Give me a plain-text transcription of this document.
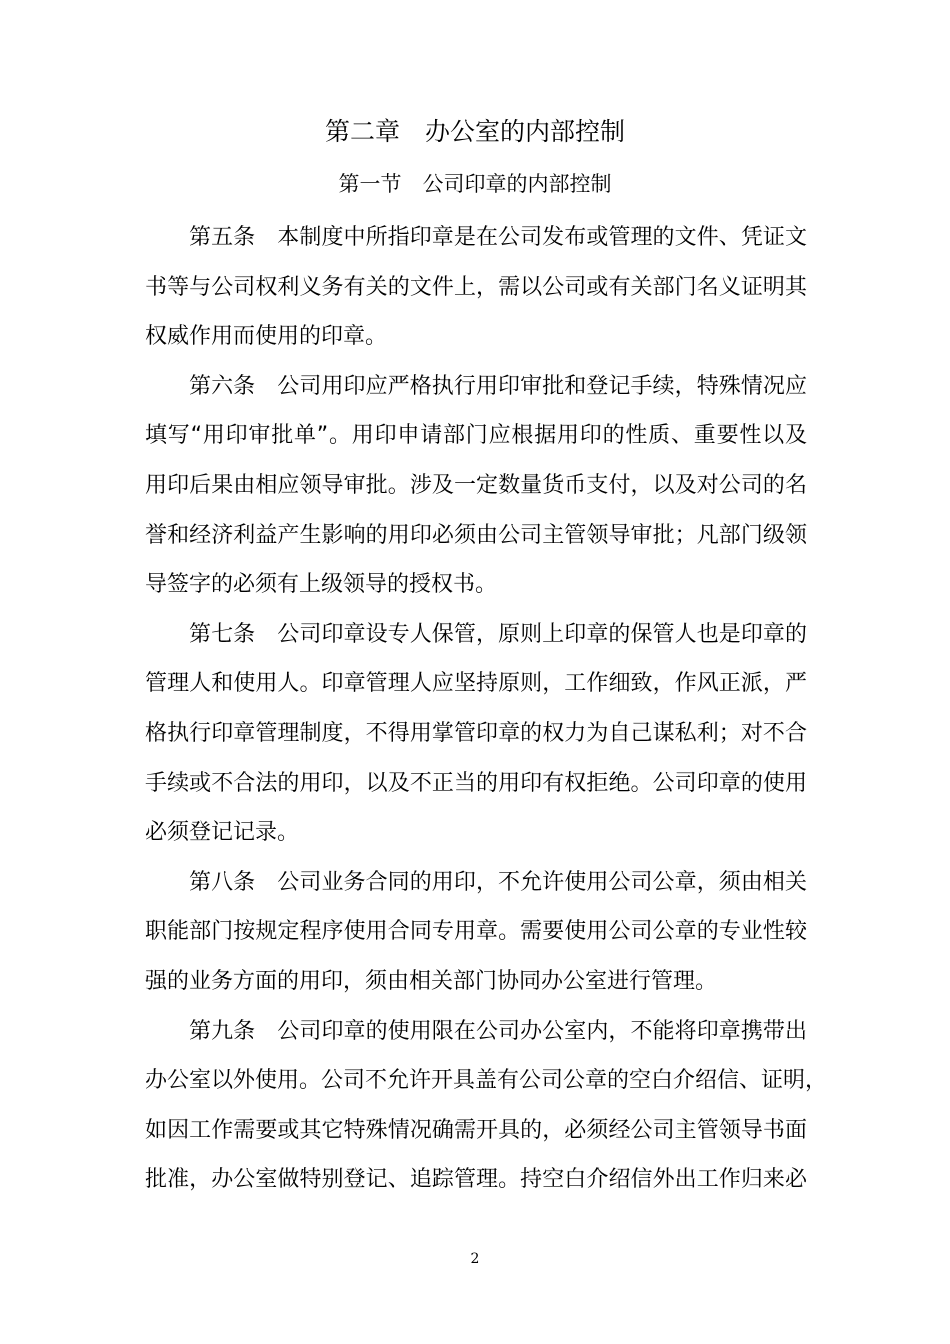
第二章　办公室的内部控制
第一节　公司印章的内部控制
第五条　本制度中所指印章是在公司发布或管理的文件、凭证文
书等与公司权利义务有关的文件上，需以公司或有关部门名义证明其
权威作用而使用的印章。
第六条　公司用印应严格执行用印审批和登记手续，特殊情况应
填写“用印审批单”。用印申请部门应根据用印的性质、重要性以及
用印后果由相应领导审批。涉及一定数量货币支付，以及对公司的名
誉和经济利益产生影响的用印必须由公司主管领导审批；凡部门级领
导签字的必须有上级领导的授权书。
第七条　公司印章设专人保管，原则上印章的保管人也是印章的
管理人和使用人。印章管理人应坚持原则，工作细致，作风正派，严
格执行印章管理制度，不得用掌管印章的权力为自己谋私利；对不合
手续或不合法的用印，以及不正当的用印有权拒绝。公司印章的使用
必须登记记录。
第八条　公司业务合同的用印，不允许使用公司公章，须由相关
职能部门按规定程序使用合同专用章。需要使用公司公章的专业性较
强的业务方面的用印，须由相关部门协同办公室进行管理。
第九条　公司印章的使用限在公司办公室内，不能将印章携带出
办公室以外使用。公司不允许开具盖有公司公章的空白介绍信、证明，
如因工作需要或其它特殊情况确需开具的，必须经公司主管领导书面
批准，办公室做特别登记、追踪管理。持空白介绍信外出工作归来必
2
